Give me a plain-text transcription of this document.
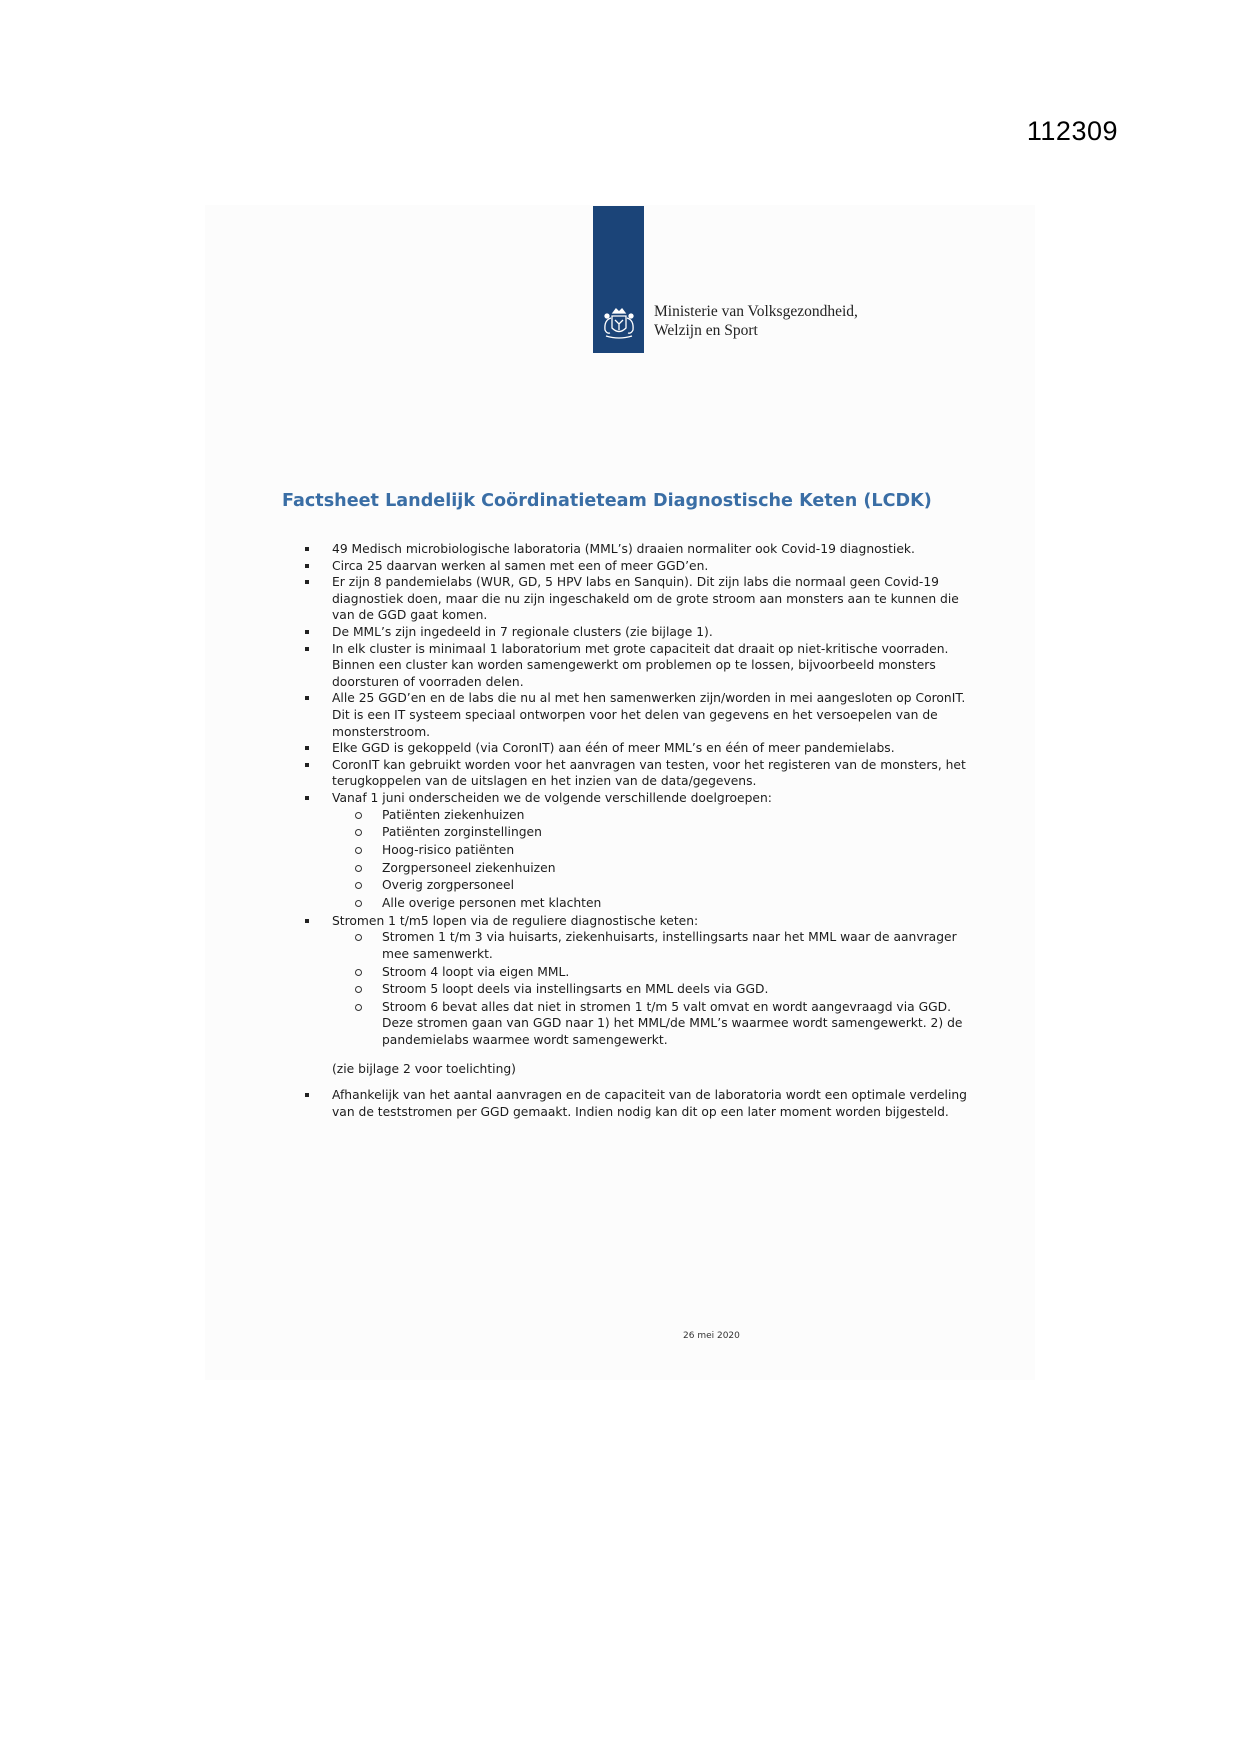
112309
Ministerie van Volksgezondheid,
Welzijn en Sport
Factsheet Landelijk Coördinatieteam Diagnostische Keten (LCDK)
49 Medisch microbiologische laboratoria (MML’s) draaien normaliter ook Covid-19 diagnostiek.
Circa 25 daarvan werken al samen met een of meer GGD’en.
Er zijn 8 pandemielabs (WUR, GD, 5 HPV labs en Sanquin). Dit zijn labs die normaal geen Covid-19 diagnostiek doen, maar die nu zijn ingeschakeld om de grote stroom aan monsters aan te kunnen die van de GGD gaat komen.
De MML’s zijn ingedeeld in 7 regionale clusters (zie bijlage 1).
In elk cluster is minimaal 1 laboratorium met grote capaciteit dat draait op niet-kritische voorraden. Binnen een cluster kan worden samengewerkt om problemen op te lossen, bijvoorbeeld monsters doorsturen of voorraden delen.
Alle 25 GGD’en en de labs die nu al met hen samenwerken zijn/worden in mei aangesloten op CoronIT. Dit is een IT systeem speciaal ontworpen voor het delen van gegevens en het versoepelen van de monsterstroom.
Elke GGD is gekoppeld (via CoronIT) aan één of meer MML’s en één of meer pandemielabs.
CoronIT kan gebruikt worden voor het aanvragen van testen, voor het registeren van de monsters, het terugkoppelen van de uitslagen en het inzien van de data/gegevens.
Vanaf 1 juni onderscheiden we de volgende verschillende doelgroepen:
Patiënten ziekenhuizen
Patiënten zorginstellingen
Hoog-risico patiënten
Zorgpersoneel ziekenhuizen
Overig zorgpersoneel
Alle overige personen met klachten
Stromen 1 t/m5 lopen via de reguliere diagnostische keten:
Stromen 1 t/m 3 via huisarts, ziekenhuisarts, instellingsarts naar het MML waar de aanvrager mee samenwerkt.
Stroom 4 loopt via eigen MML.
Stroom 5 loopt deels via instellingsarts en MML deels via GGD.
Stroom 6 bevat alles dat niet in stromen 1 t/m 5 valt omvat en wordt aangevraagd via GGD. Deze stromen gaan van GGD naar 1) het MML/de MML’s waarmee wordt samengewerkt. 2) de pandemielabs waarmee wordt samengewerkt.
(zie bijlage 2 voor toelichting)
Afhankelijk van het aantal aanvragen en de capaciteit van de laboratoria wordt een optimale verdeling van de teststromen per GGD gemaakt. Indien nodig kan dit op een later moment worden bijgesteld.
26 mei 2020
